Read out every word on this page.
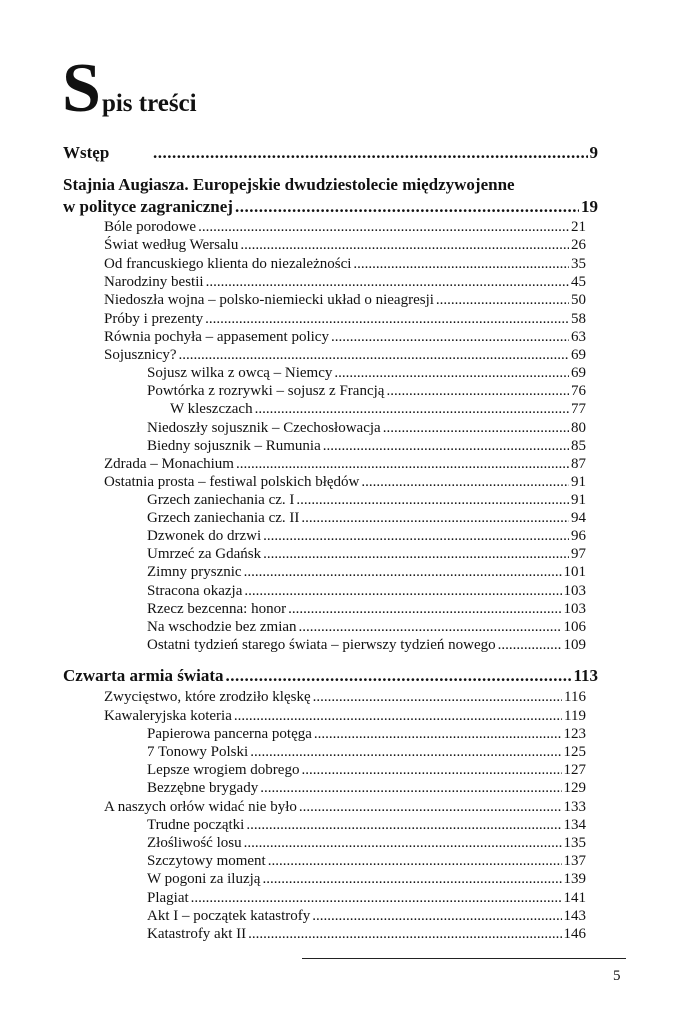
Spis treści
Wstęp .....	9
Stajnia Augiasza. Europejskie dwudziestolecie międzywojenne
w polityce zagranicznej .....	19
Bóle porodowe .....	21
Świat według Wersalu .....	26
Od francuskiego klienta do niezależności .....	35
Narodziny bestii .....	45
Niedoszła wojna – polsko-niemiecki układ o nieagresji .....	50
Próby i prezenty .....	58
Równia pochyła – appasement policy .....	63
Sojusznicy? .....	69
Sojusz wilka z owcą – Niemcy .....	69
Powtórka z rozrywki – sojusz z Francją .....	76
W kleszczach .....	77
Niedoszły sojusznik – Czechosłowacja .....	80
Biedny sojusznik – Rumunia .....	85
Zdrada – Monachium .....	87
Ostatnia prosta – festiwal polskich błędów .....	91
Grzech zaniechania cz. I .....	91
Grzech zaniechania cz. II .....	94
Dzwonek do drzwi .....	96
Umrzeć za Gdańsk .....	97
Zimny prysznic .....	101
Stracona okazja .....	103
Rzecz bezcenna: honor .....	103
Na wschodzie bez zmian .....	106
Ostatni tydzień starego świata – pierwszy tydzień nowego .....	109
Czwarta armia świata .....	113
Zwycięstwo, które zrodziło klęskę .....	116
Kawaleryjska koteria .....	119
Papierowa pancerna potęga .....	123
7 Tonowy Polski .....	125
Lepsze wrogiem dobrego .....	127
Bezzębne brygady .....	129
A naszych orłów widać nie było .....	133
Trudne początki .....	134
Złośliwość losu .....	135
Szczytowy moment .....	137
W pogoni za iluzją .....	139
Plagiat .....	141
Akt I – początek katastrofy .....	143
Katastrofy akt II .....	146
5
